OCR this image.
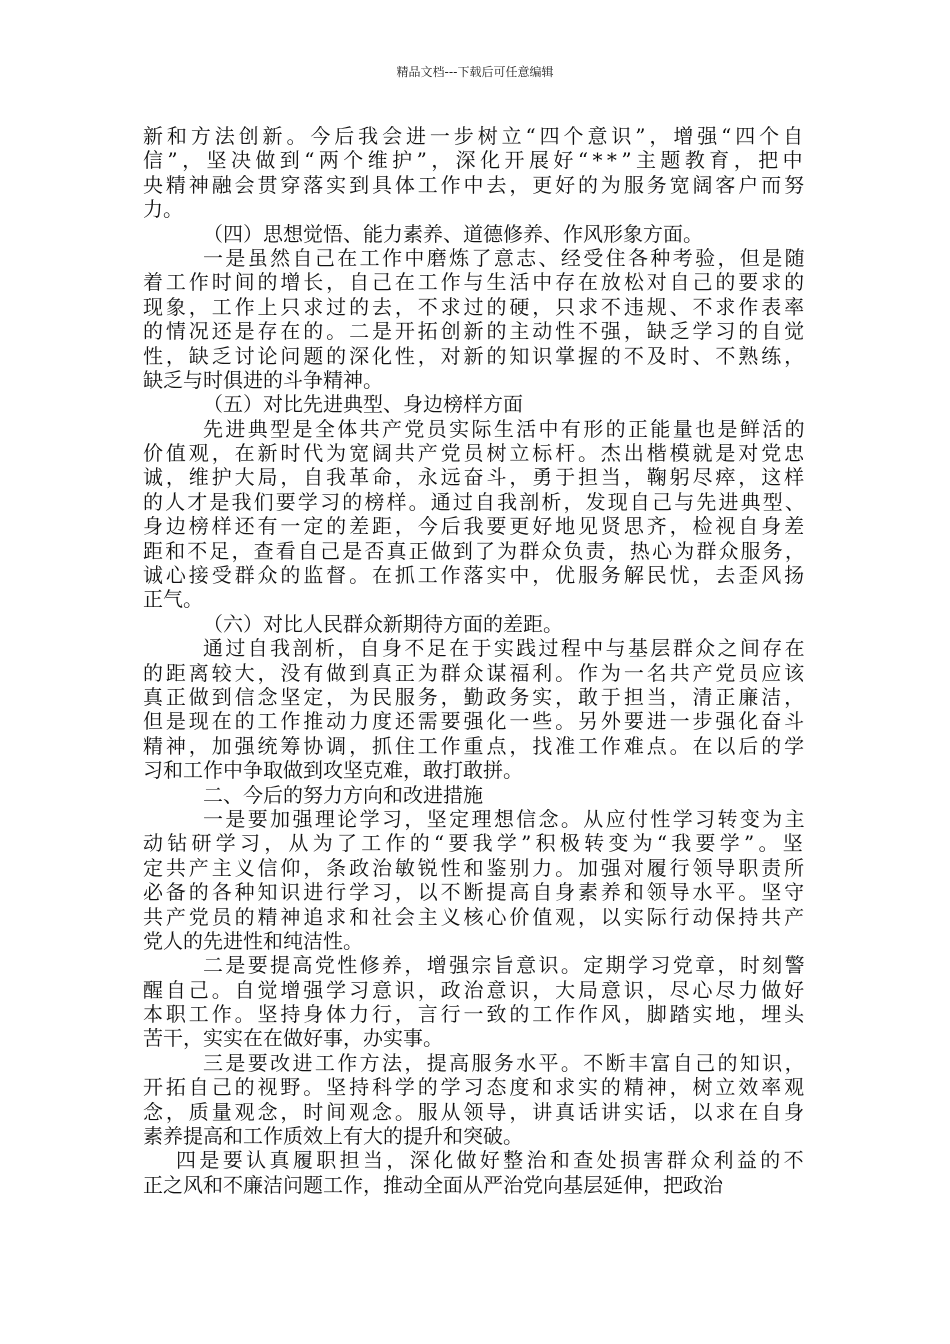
精品文档---下载后可任意编辑
新和方法创新。今后我会进一步树立“四个意识”，增强“四个自
信”，坚决做到“两个维护”，深化开展好“**”主题教育，把中
央精神融会贯穿落实到具体工作中去，更好的为服务宽阔客户而努
力。
（四）思想觉悟、能力素养、道德修养、作风形象方面。
一是虽然自己在工作中磨炼了意志、经受住各种考验，但是随
着工作时间的增长，自己在工作与生活中存在放松对自己的要求的
现象，工作上只求过的去，不求过的硬，只求不违规、不求作表率
的情况还是存在的。二是开拓创新的主动性不强，缺乏学习的自觉
性，缺乏讨论问题的深化性，对新的知识掌握的不及时、不熟练，
缺乏与时俱进的斗争精神。
（五）对比先进典型、身边榜样方面
先进典型是全体共产党员实际生活中有形的正能量也是鲜活的
价值观，在新时代为宽阔共产党员树立标杆。杰出楷模就是对党忠
诚，维护大局，自我革命，永远奋斗，勇于担当，鞠躬尽瘁，这样
的人才是我们要学习的榜样。通过自我剖析，发现自己与先进典型、
身边榜样还有一定的差距，今后我要更好地见贤思齐，检视自身差
距和不足，查看自己是否真正做到了为群众负责，热心为群众服务，
诚心接受群众的监督。在抓工作落实中，优服务解民忧，去歪风扬
正气。
（六）对比人民群众新期待方面的差距。
通过自我剖析，自身不足在于实践过程中与基层群众之间存在
的距离较大，没有做到真正为群众谋福利。作为一名共产党员应该
真正做到信念坚定，为民服务，勤政务实，敢于担当，清正廉洁，
但是现在的工作推动力度还需要强化一些。另外要进一步强化奋斗
精神，加强统筹协调，抓住工作重点，找准工作难点。在以后的学
习和工作中争取做到攻坚克难，敢打敢拼。
二、今后的努力方向和改进措施
一是要加强理论学习，坚定理想信念。从应付性学习转变为主
动钻研学习，从为了工作的“要我学”积极转变为“我要学”。坚
定共产主义信仰，条政治敏锐性和鉴别力。加强对履行领导职责所
必备的各种知识进行学习，以不断提高自身素养和领导水平。坚守
共产党员的精神追求和社会主义核心价值观，以实际行动保持共产
党人的先进性和纯洁性。
二是要提高党性修养，增强宗旨意识。定期学习党章，时刻警
醒自己。自觉增强学习意识，政治意识，大局意识，尽心尽力做好
本职工作。坚持身体力行，言行一致的工作作风，脚踏实地，埋头
苦干，实实在在做好事，办实事。
三是要改进工作方法，提高服务水平。不断丰富自己的知识，
开拓自己的视野。坚持科学的学习态度和求实的精神，树立效率观
念，质量观念，时间观念。服从领导，讲真话讲实话，以求在自身
素养提高和工作质效上有大的提升和突破。
四是要认真履职担当，深化做好整治和查处损害群众利益的不
正之风和不廉洁问题工作，推动全面从严治党向基层延伸，把政治
